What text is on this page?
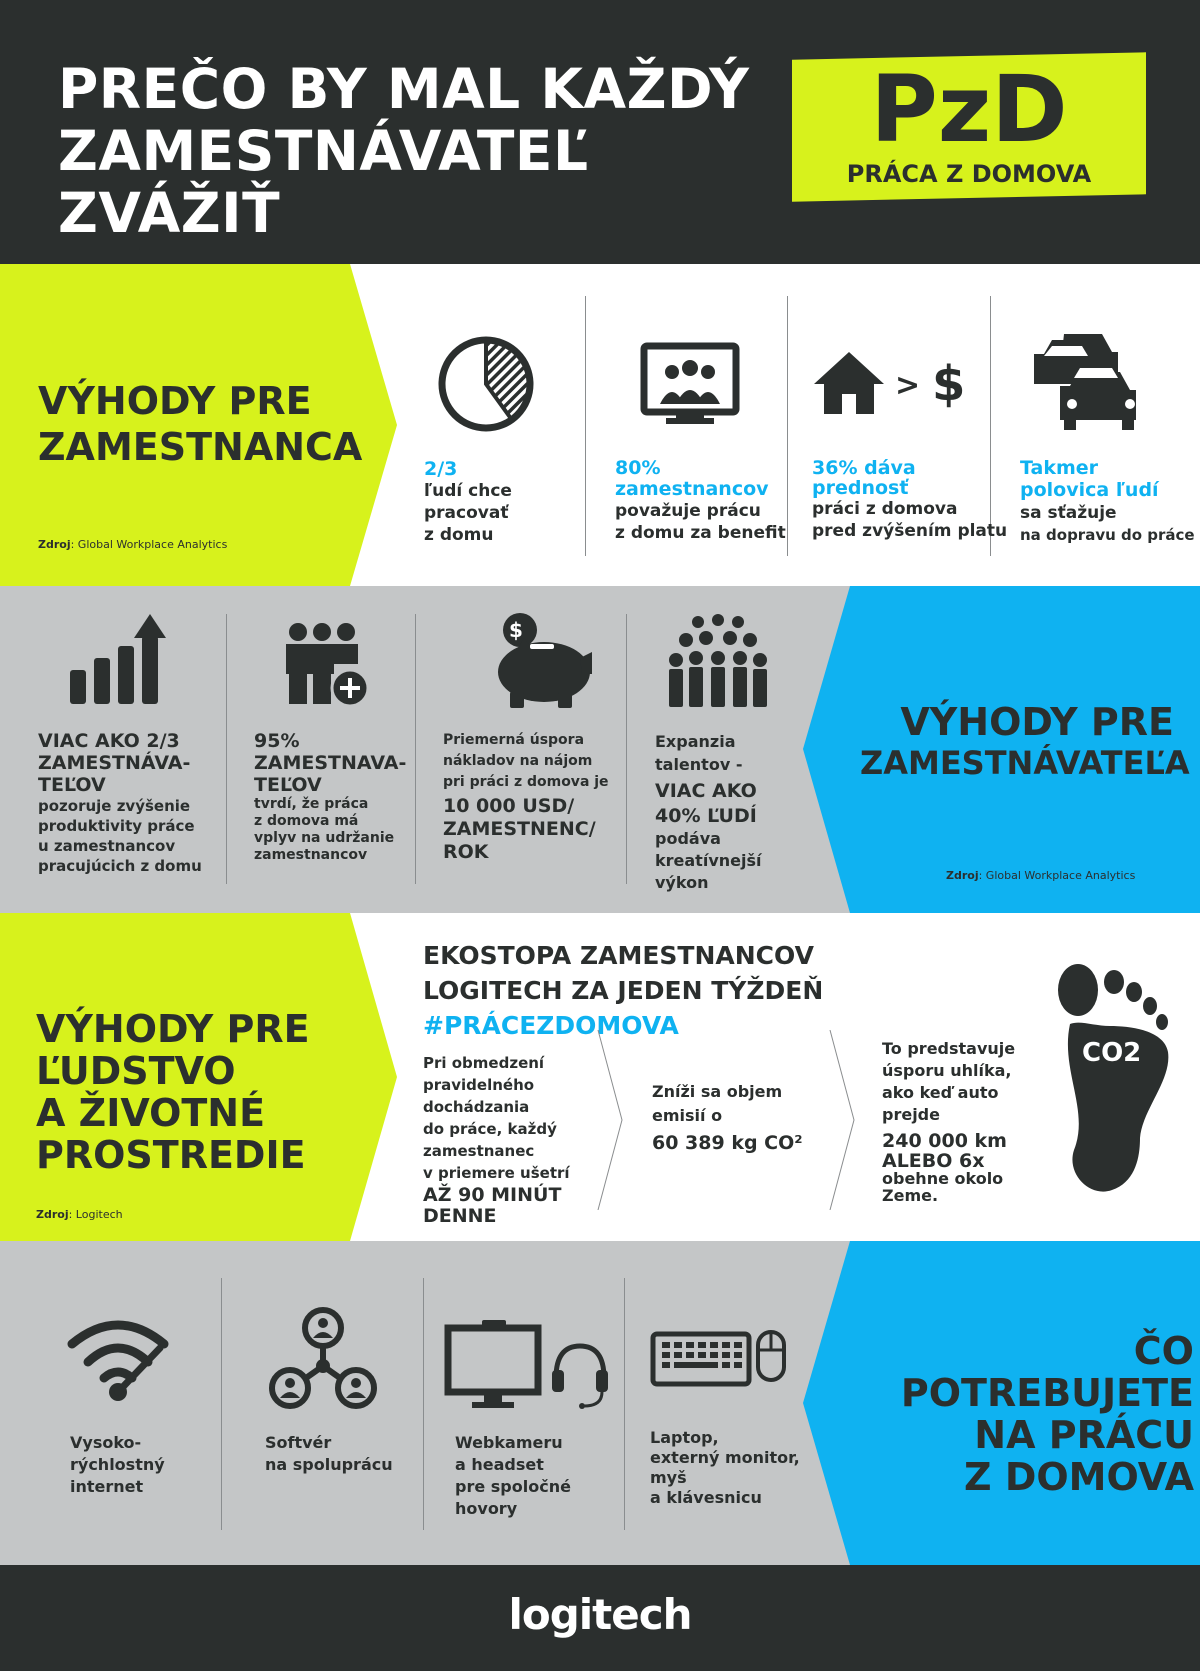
PREČO BY MAL KAŽDÝ
ZAMESTNÁVATEĽ
ZVÁŽIŤ
PzD
PRÁCA Z DOMOVA
VÝHODY PRE
ZAMESTNANCA
Zdroj: Global Workplace Analytics
2/3
ľudí chce
pracovať
z domu
80%
zamestnancov
považuje prácu
z domu za benefit
> $
36% dáva
prednosť
práci z domova
pred zvýšením platu
Takmer
polovica ľudí
sa sťažuje
na dopravu do práce
VÝHODY PRE
ZAMESTNÁVATEĽA
Zdroj: Global Workplace Analytics
VIAC AKO 2/3
ZAMESTNÁVA-
TEĽOV
pozoruje zvýšenie
produktivity práce
u zamestnancov
pracujúcich z domu
95%
ZAMESTNAVA-
TEĽOV
tvrdí, že práca
z domova má
vplyv na udržanie
zamestnancov
$
Priemerná úspora
nákladov na nájom
pri práci z domova je
10 000 USD/
ZAMESTNENC/
ROK
Expanzia
talentov -
VIAC AKO
40% ĽUDÍ
podáva
kreatívnejší
výkon
VÝHODY PRE
ĽUDSTVO
A ŽIVOTNÉ
PROSTREDIE
Zdroj: Logitech
EKOSTOPA ZAMESTNANCOV
LOGITECH ZA JEDEN TÝŽDEŇ
#PRÁCEZDOMOVA
Pri obmedzení
pravidelného
dochádzania
do práce, každý
zamestnanec
v priemere ušetrí
AŽ 90 MINÚT
DENNE
Zníži sa objem
emisií o
60 389 kg CO²
To predstavuje
úsporu uhlíka,
ako keď auto
prejde
240 000 km
ALEBO 6x
obehne okolo
Zeme.
CO2
ČO
POTREBUJETE
NA PRÁCU
Z DOMOVA
Vysoko-
rýchlostný
internet
Softvér
na spoluprácu
Webkameru
a headset
pre spoločné
hovory
Laptop,
externý monitor,
myš
a klávesnicu
logitech
